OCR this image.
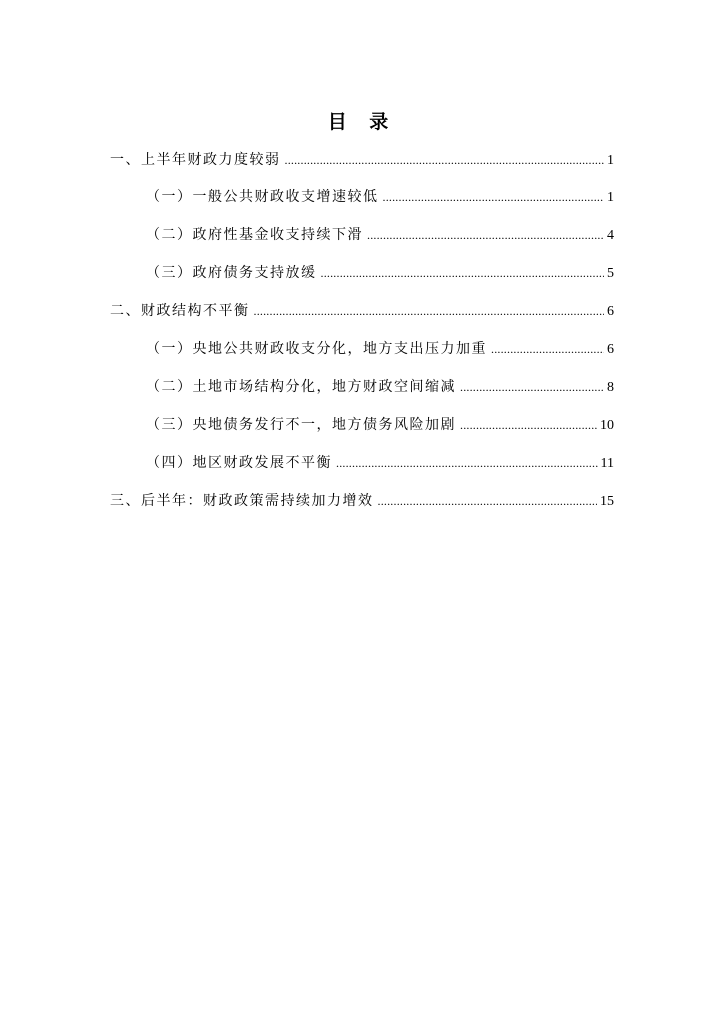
目 录
一、上半年财政力度较弱 .....	1
（一）一般公共财政收支增速较低 .....	1
（二）政府性基金收支持续下滑 .....	4
（三）政府债务支持放缓 .....	5
二、财政结构不平衡 .....	6
（一）央地公共财政收支分化，地方支出压力加重 .....	6
（二）土地市场结构分化，地方财政空间缩减 .....	8
（三）央地债务发行不一，地方债务风险加剧 .....	10
（四）地区财政发展不平衡 .....	11
三、后半年：财政政策需持续加力增效 .....	15
